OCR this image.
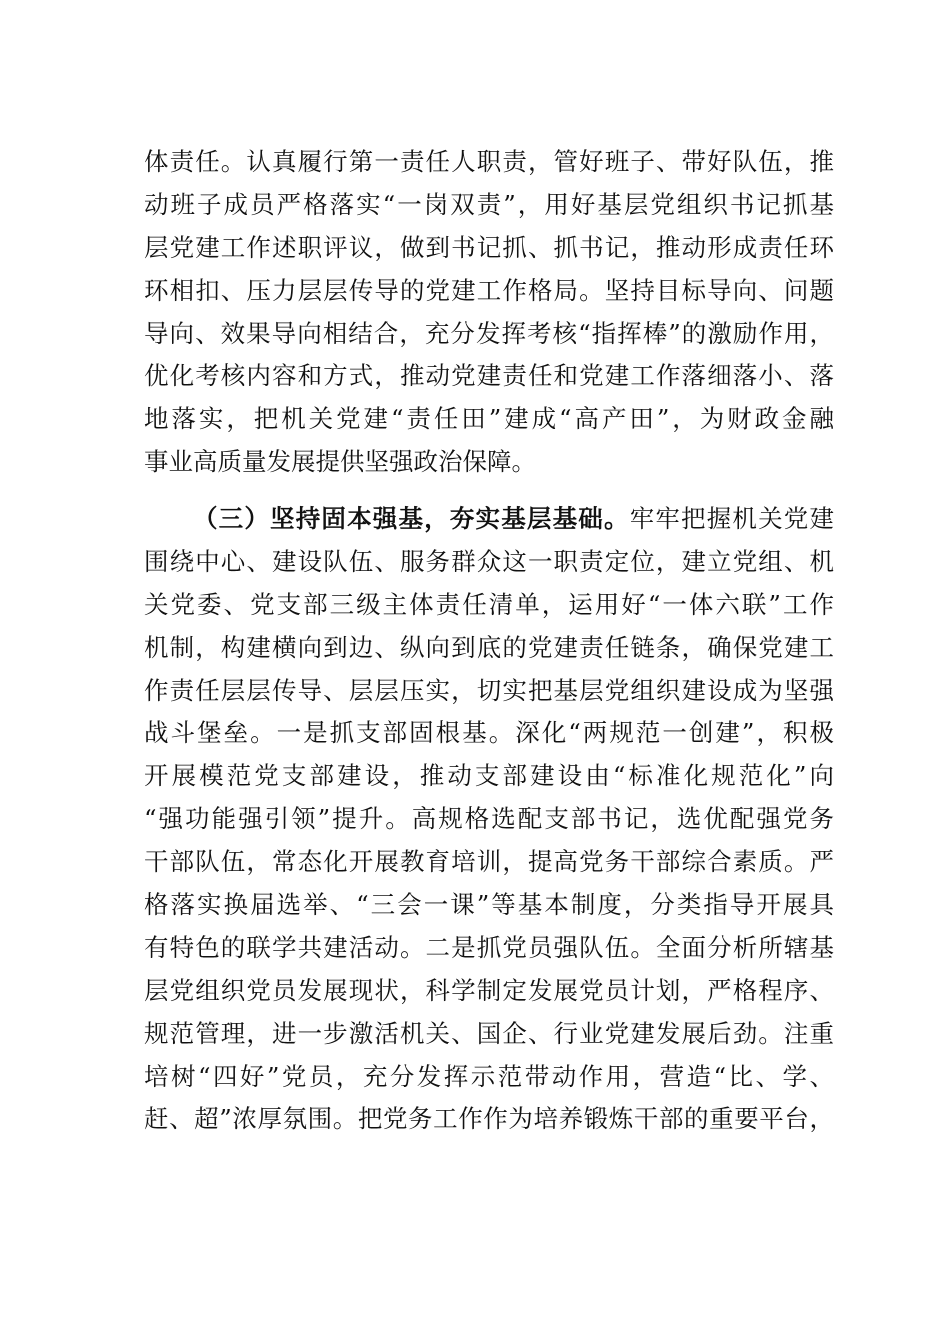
体责任。认真履行第一责任人职责，管好班子、带好队伍，推
动班子成员严格落实“一岗双责”，用好基层党组织书记抓基
层党建工作述职评议，做到书记抓、抓书记，推动形成责任环
环相扣、压力层层传导的党建工作格局。坚持目标导向、问题
导向、效果导向相结合，充分发挥考核“指挥棒”的激励作用，
优化考核内容和方式，推动党建责任和党建工作落细落小、落
地落实，把机关党建“责任田”建成“高产田”，为财政金融
事业高质量发展提供坚强政治保障。
（三）坚持固本强基，夯实基层基础。牢牢把握机关党建
围绕中心、建设队伍、服务群众这一职责定位，建立党组、机
关党委、党支部三级主体责任清单，运用好“一体六联”工作
机制，构建横向到边、纵向到底的党建责任链条，确保党建工
作责任层层传导、层层压实，切实把基层党组织建设成为坚强
战斗堡垒。一是抓支部固根基。深化“两规范一创建”，积极
开展模范党支部建设，推动支部建设由“标准化规范化”向
“强功能强引领”提升。高规格选配支部书记，选优配强党务
干部队伍，常态化开展教育培训，提高党务干部综合素质。严
格落实换届选举、“三会一课”等基本制度，分类指导开展具
有特色的联学共建活动。二是抓党员强队伍。全面分析所辖基
层党组织党员发展现状，科学制定发展党员计划，严格程序、
规范管理，进一步激活机关、国企、行业党建发展后劲。注重
培树“四好”党员，充分发挥示范带动作用，营造“比、学、
赶、超”浓厚氛围。把党务工作作为培养锻炼干部的重要平台，
